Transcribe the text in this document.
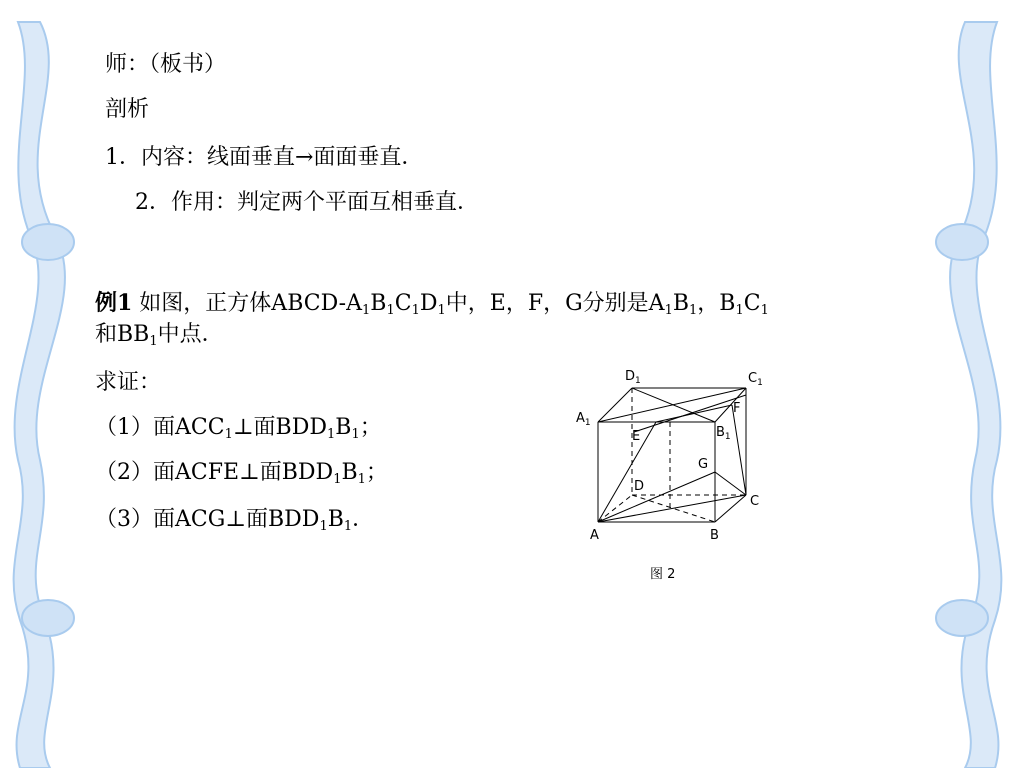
师：（板书）
剖析
1．内容：线面垂直→面面垂直．
2．作用：判定两个平面互相垂直．
例1 如图，正方体ABCD-$A_1B_1C_1D_1$中，E，F，G分别是$A_1B_1$，$B_1C_1$
和$BB_1$中点．
求证：
（1）面$ACC_1\perp$面$BDD_1B_1$；
（2）面ACFE⊥面$BDD_1B_1$；
（3）面ACG⊥面$BDD_1B_1$．
$D_1$	$C_1$
$A_1$
$B_1$
F
E
G
D
C
A	B
图 2
